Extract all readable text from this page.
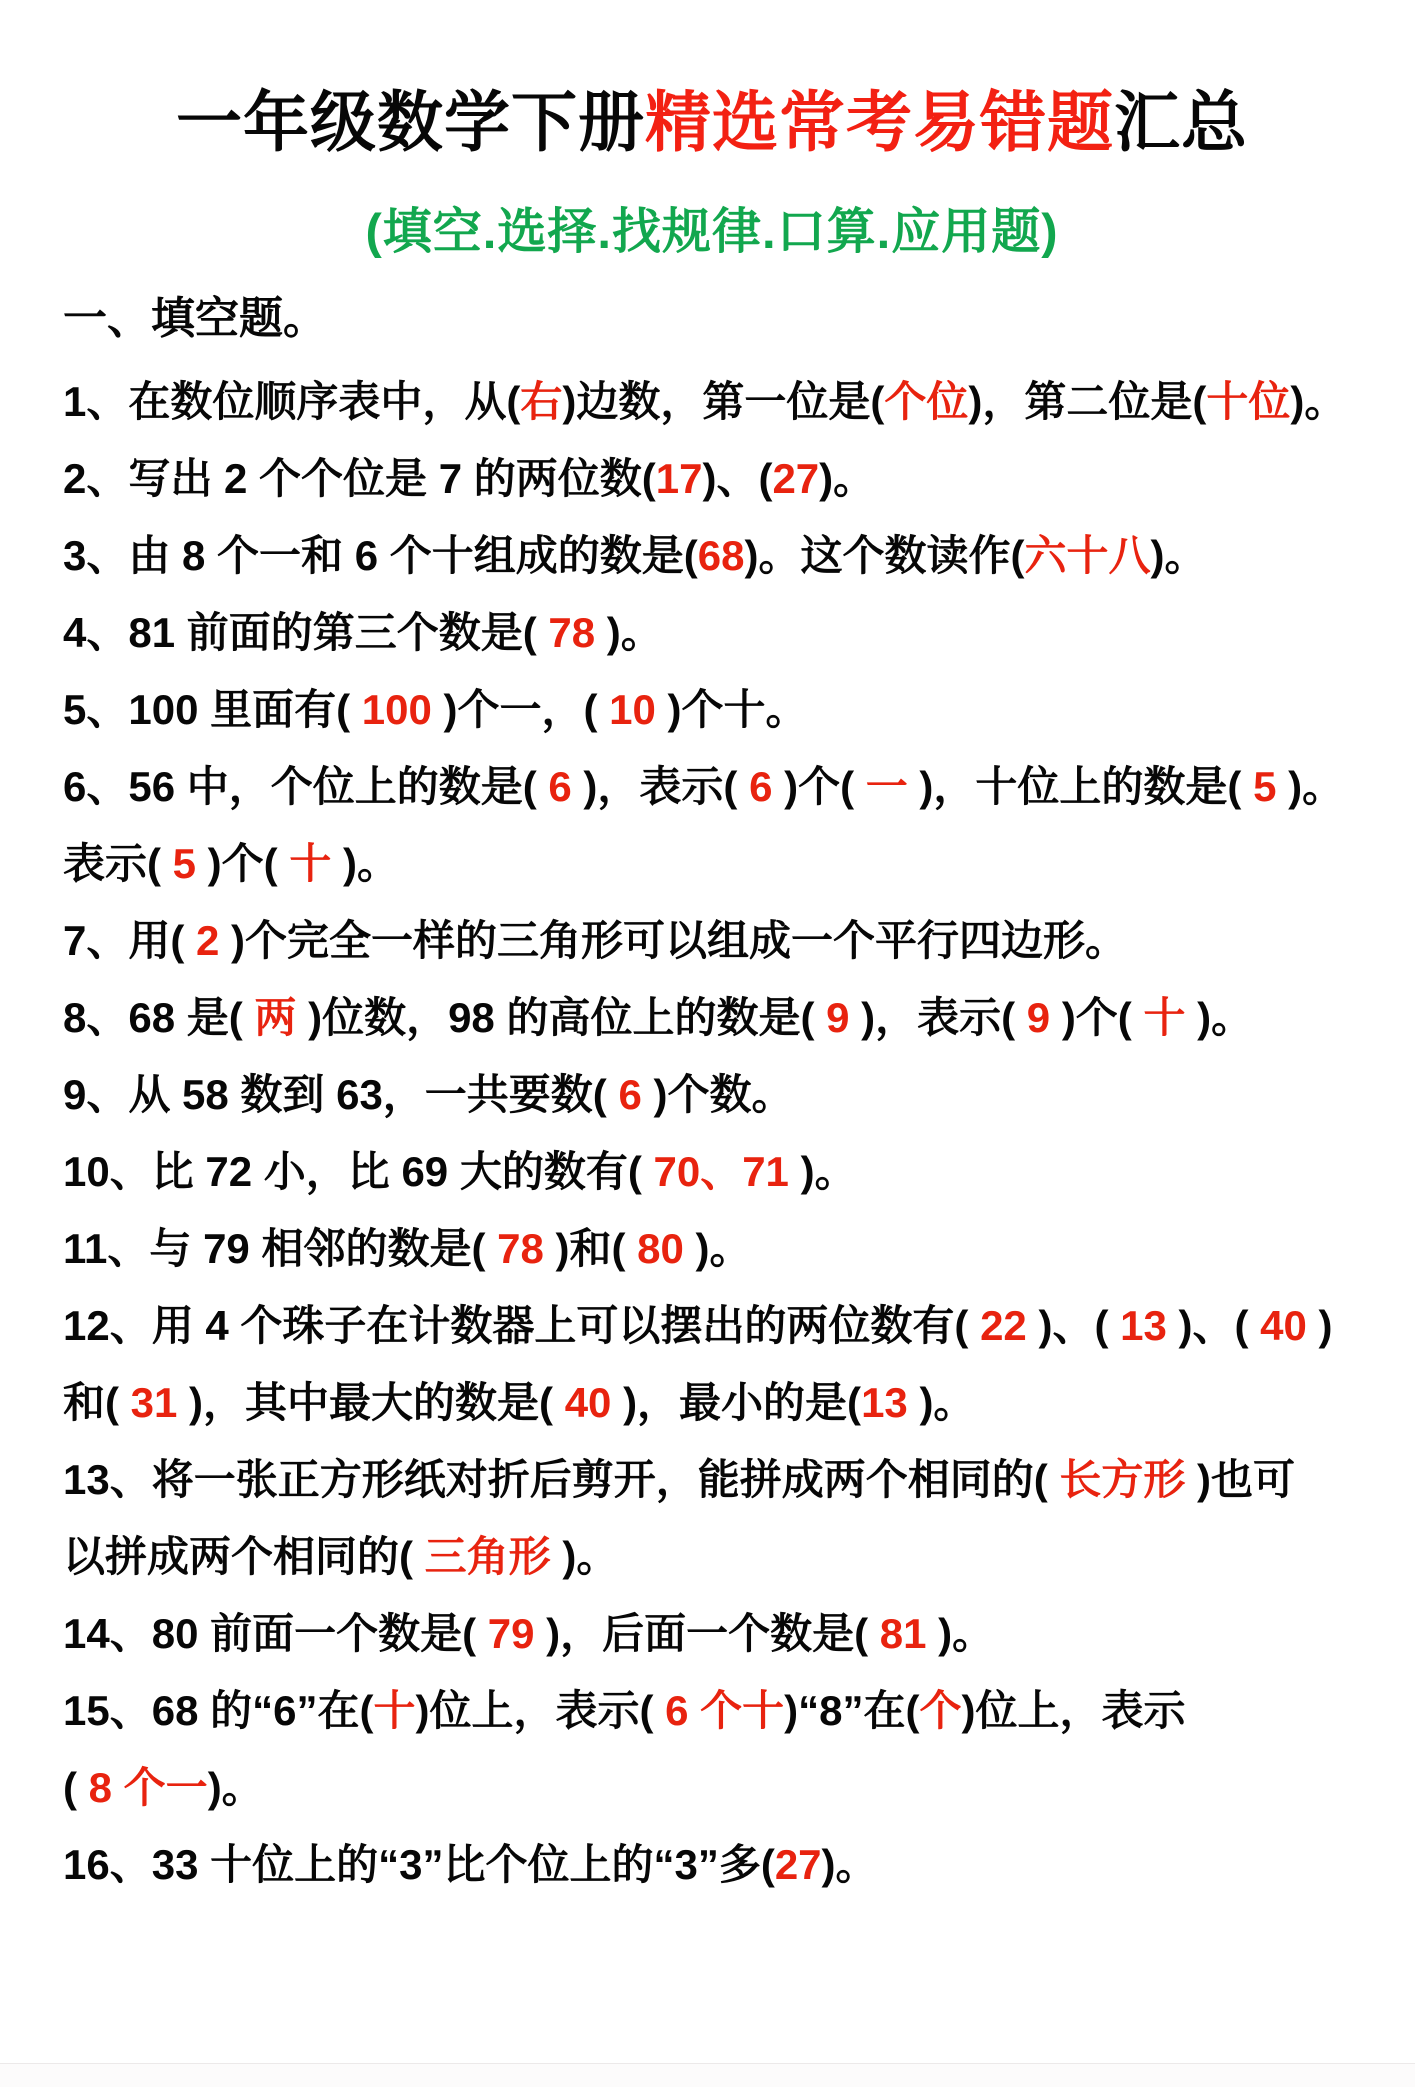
一年级数学下册精选常考易错题汇总
(填空.选择.找规律.口算.应用题)
一、填空题。

1、在数位顺序表中，从(右)边数，第一位是(个位)，第二位是(十位)。

2、写出 2 个个位是 7 的两位数(17)、(27)。

3、由 8 个一和 6 个十组成的数是(68)。这个数读作(六十八)。

4、81 前面的第三个数是( 78 )。

5、100 里面有( 100 )个一，( 10 )个十。

6、56 中，个位上的数是( 6 )，表示( 6 )个( 一 )，十位上的数是( 5 )。
表示( 5 )个( 十 )。

7、用( 2 )个完全一样的三角形可以组成一个平行四边形。

8、68 是( 两 )位数，98 的高位上的数是( 9 )，表示( 9 )个( 十 )。

9、从 58 数到 63，一共要数( 6 )个数。

10、比 72 小，比 69 大的数有( 70、71 )。

11、与 79 相邻的数是( 78 )和( 80 )。

12、用 4 个珠子在计数器上可以摆出的两位数有( 22 )、( 13 )、( 40 )
和( 31 )，其中最大的数是( 40 )，最小的是(13 )。

13、将一张正方形纸对折后剪开，能拼成两个相同的( 长方形 )也可
以拼成两个相同的( 三角形 )。

14、80 前面一个数是( 79 )，后面一个数是( 81 )。

15、68 的“6”在(十)位上，表示( 6 个十)“8”在(个)位上，表示
( 8 个一)。

16、33 十位上的“3”比个位上的“3”多(27)。
